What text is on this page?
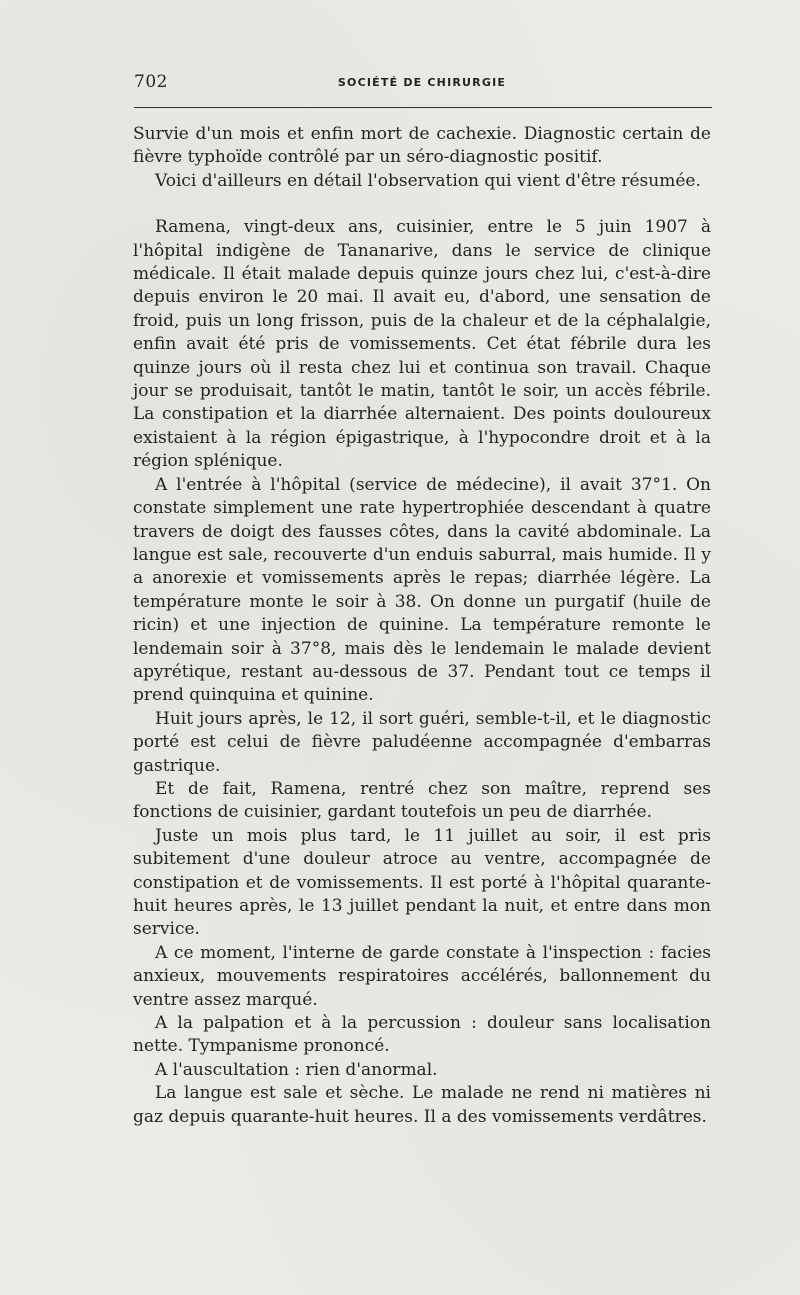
702	SOCIÉTÉ DE CHIRURGIE

Survie d'un mois et enfin mort de cachexie. Diagnostic certain de fièvre typhoïde contrôlé par un séro-diagnostic positif.

Voici d'ailleurs en détail l'observation qui vient d'être résumée.

Ramena, vingt-deux ans, cuisinier, entre le 5 juin 1907 à l'hôpital indigène de Tananarive, dans le service de clinique médicale. Il était malade depuis quinze jours chez lui, c'est-à-dire depuis environ le 20 mai. Il avait eu, d'abord, une sensation de froid, puis un long frisson, puis de la chaleur et de la céphalalgie, enfin avait été pris de vomissements. Cet état fébrile dura les quinze jours où il resta chez lui et continua son travail. Chaque jour se produisait, tantôt le matin, tantôt le soir, un accès fébrile. La constipation et la diarrhée alternaient. Des points douloureux existaient à la région épigastrique, à l'hypocondre droit et à la région splénique.

A l'entrée à l'hôpital (service de médecine), il avait 37°1. On constate simplement une rate hypertrophiée descendant à quatre travers de doigt des fausses côtes, dans la cavité abdominale. La langue est sale, recouverte d'un enduis saburral, mais humide. Il y a anorexie et vomissements après le repas; diarrhée légère. La température monte le soir à 38. On donne un purgatif (huile de ricin) et une injection de quinine. La température remonte le lendemain soir à 37°8, mais dès le lendemain le malade devient apyrétique, restant au-dessous de 37. Pendant tout ce temps il prend quinquina et quinine.

Huit jours après, le 12, il sort guéri, semble-t-il, et le diagnostic porté est celui de fièvre paludéenne accompagnée d'embarras gastrique.

Et de fait, Ramena, rentré chez son maître, reprend ses fonctions de cuisinier, gardant toutefois un peu de diarrhée.

Juste un mois plus tard, le 11 juillet au soir, il est pris subitement d'une douleur atroce au ventre, accompagnée de constipation et de vomissements. Il est porté à l'hôpital quarante-huit heures après, le 13 juillet pendant la nuit, et entre dans mon service.

A ce moment, l'interne de garde constate à l'inspection : facies anxieux, mouvements respiratoires accélérés, ballonnement du ventre assez marqué.

A la palpation et à la percussion : douleur sans localisation nette. Tympanisme prononcé.

A l'auscultation : rien d'anormal.

La langue est sale et sèche. Le malade ne rend ni matières ni gaz depuis quarante-huit heures. Il a des vomissements verdâtres.
